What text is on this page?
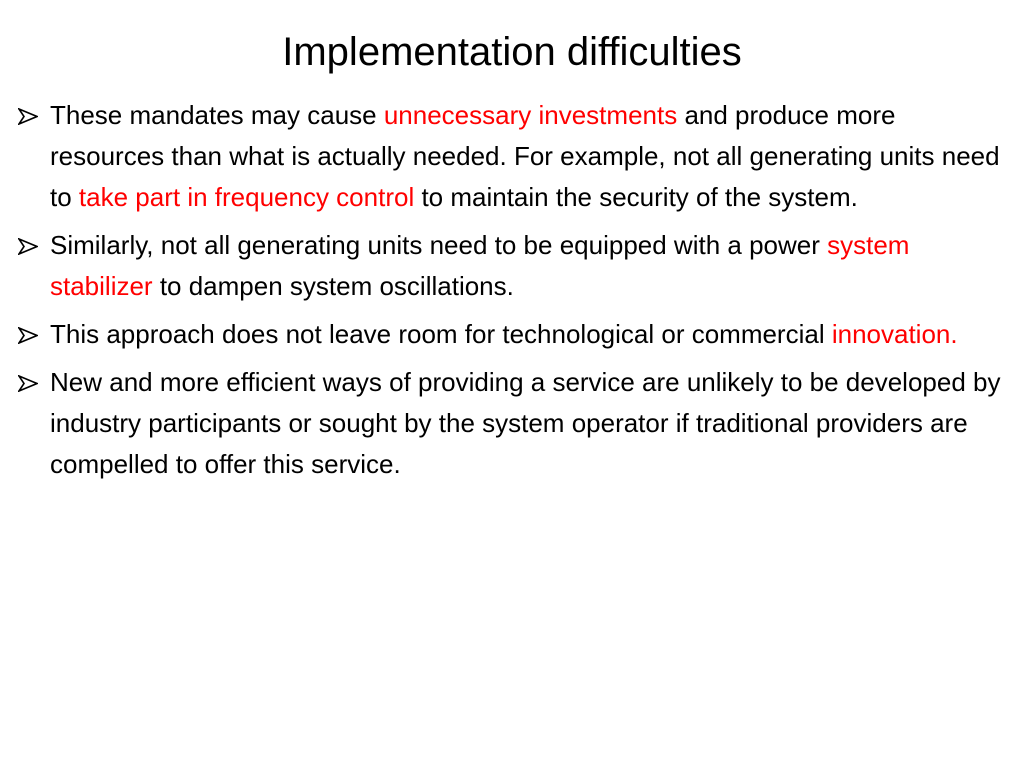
Implementation difficulties
These mandates may cause unnecessary investments and produce more resources than what is actually needed. For example, not all generating units need to take part in frequency control to maintain the security of the system.
Similarly, not all generating units need to be equipped with a power system stabilizer to dampen system oscillations.
This approach does not leave room for technological or commercial innovation.
New and more efficient ways of providing a service are unlikely to be developed by industry participants or sought by the system operator if traditional providers are compelled to offer this service.
